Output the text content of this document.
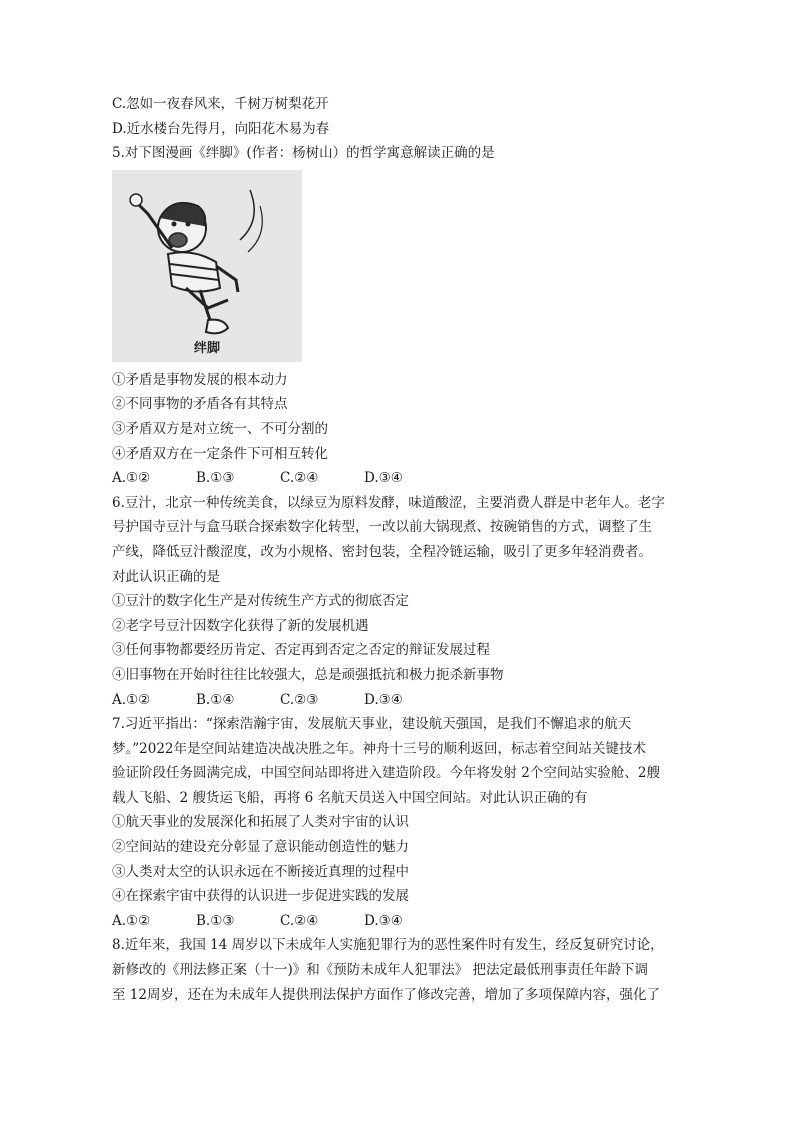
C.忽如一夜春风来，千树万树梨花开
D.近水楼台先得月，向阳花木易为春
5.对下图漫画《绊脚》(作者：杨树山）的哲学寓意解读正确的是
绊脚
①矛盾是事物发展的根本动力
②不同事物的矛盾各有其特点
③矛盾双方是对立统一、不可分割的
④矛盾双方在一定条件下可相互转化
A.①②	B.①③	C.②④	D.③④
6.豆汁，北京一种传统美食，以绿豆为原料发酵，味道酸涩，主要消费人群是中老年人。老字
号护国寺豆汁与盒马联合探索数字化转型，一改以前大锅现煮、按碗销售的方式，调整了生
产线，降低豆汁酸涩度，改为小规格、密封包装，全程冷链运输，吸引了更多年轻消费者。
对此认识正确的是
①豆汁的数字化生产是对传统生产方式的彻底否定
②老字号豆汁因数字化获得了新的发展机遇
③任何事物都要经历肯定、否定再到否定之否定的辩证发展过程
④旧事物在开始时往往比较强大，总是顽强抵抗和极力扼杀新事物
A.①②	B.①④	C.②③	D.③④
7.习近平指出：“探索浩瀚宇宙，发展航天事业，建设航天强国，是我们不懈追求的航天
梦。”2022年是空间站建造决战决胜之年。神舟十三号的顺利返回，标志着空间站关键技术
验证阶段任务圆满完成，中国空间站即将进入建造阶段。今年将发射 2个空间站实验舱、2艘
载人飞船、2 艘货运飞船，再将 6 名航天员送入中国空间站。对此认识正确的有
①航天事业的发展深化和拓展了人类对宇宙的认识
②空间站的建设充分彰显了意识能动创造性的魅力
③人类对太空的认识永远在不断接近真理的过程中
④在探索宇宙中获得的认识进一步促进实践的发展
A.①②	B.①③	C.②④	D.③④
8.近年来，我国 14 周岁以下未成年人实施犯罪行为的恶性案件时有发生，经反复研究讨论，
新修改的《刑法修正案（十一)》和《预防未成年人犯罪法》 把法定最低刑事责任年龄下调
至 12周岁，还在为未成年人提供刑法保护方面作了修改完善，增加了多项保障内容，强化了
